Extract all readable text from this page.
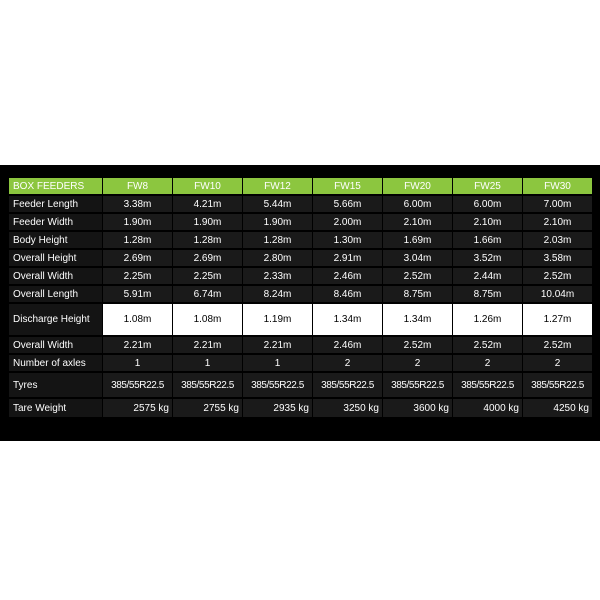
BOX FEEDERS	FW8	FW10	FW12	FW15	FW20	FW25	FW30
Feeder Length	3.38m	4.21m	5.44m	5.66m	6.00m	6.00m	7.00m
Feeder Width	1.90m	1.90m	1.90m	2.00m	2.10m	2.10m	2.10m
Body Height	1.28m	1.28m	1.28m	1.30m	1.69m	1.66m	2.03m
Overall Height	2.69m	2.69m	2.80m	2.91m	3.04m	3.52m	3.58m
Overall Width	2.25m	2.25m	2.33m	2.46m	2.52m	2.44m	2.52m
Overall Length	5.91m	6.74m	8.24m	8.46m	8.75m	8.75m	10.04m
Discharge Height	1.08m	1.08m	1.19m	1.34m	1.34m	1.26m	1.27m
Overall Width	2.21m	2.21m	2.21m	2.46m	2.52m	2.52m	2.52m
Number of axles	1	1	1	2	2	2	2
Tyres	385/55R22.5	385/55R22.5	385/55R22.5	385/55R22.5	385/55R22.5	385/55R22.5	385/55R22.5
Tare Weight	2575 kg	2755 kg	2935 kg	3250 kg	3600 kg	4000 kg	4250 kg
